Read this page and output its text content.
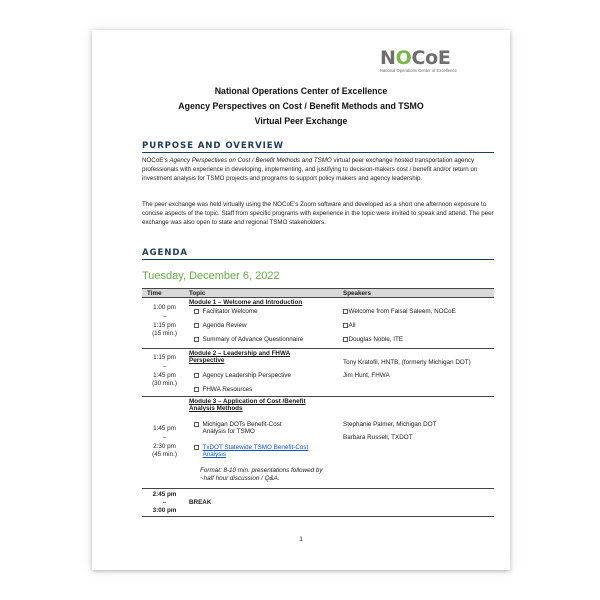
NOCoE
National Operations Center of Excellence
National Operations Center of Excellence
Agency Perspectives on Cost / Benefit Methods and TSMO
Virtual Peer Exchange
PURPOSE AND OVERVIEW
NOCoE’s Agency Perspectives on Cost / Benefit Methods and TSMO virtual peer exchange hosted transportation agency professionals with experience in developing, implementing, and justifying to decision-makers cost / benefit and/or return on investment analysis for TSMO projects and programs to support policy makers and agency leadership.
The peer exchange was held virtually using the NOCoE’s Zoom software and developed as a short one afternoon exposure to concise aspects of the topic. Staff from specific programs with experience in the topic were invited to speak and attend. The peer exchange was also open to state and regional TSMO stakeholders.
AGENDA
Tuesday, December 6, 2022
Time	Topic	Speakers
1:00 pm
–
1:15 pm
(15 min.)
Module 1 – Welcome and Introduction
Facilitator Welcome
Agenda Review
Summary of Advance Questionnaire
Welcome from Faisal Saleem, NOCoE
All
Douglas Noble, ITE
1:15 pm
–
1:45 pm
(30 min.)
Module 2 – Leadership and FHWA
Perspective
Agency Leadership Perspective
FHWA Resources
Tony Kratofil, HNTB, (formerly Michigan DOT)
Jim Hunt, FHWA
1:45 pm
–
2:30 pm
(45 min.)
Module 3 – Application of Cost /Benefit
Analysis Methods
Michigan DOTs Benefit-Cost
Analysis for TSMO
TxDOT Statewide TSMO Benefit-Cost
Analysis
Format: 8-10 min. presentations followed by
~half hour discussion / Q&A.
Stephanie Palmer, Michigan DOT
Barbara Russell, TXDOT
2:45 pm
–
3:00 pm
BREAK
1
